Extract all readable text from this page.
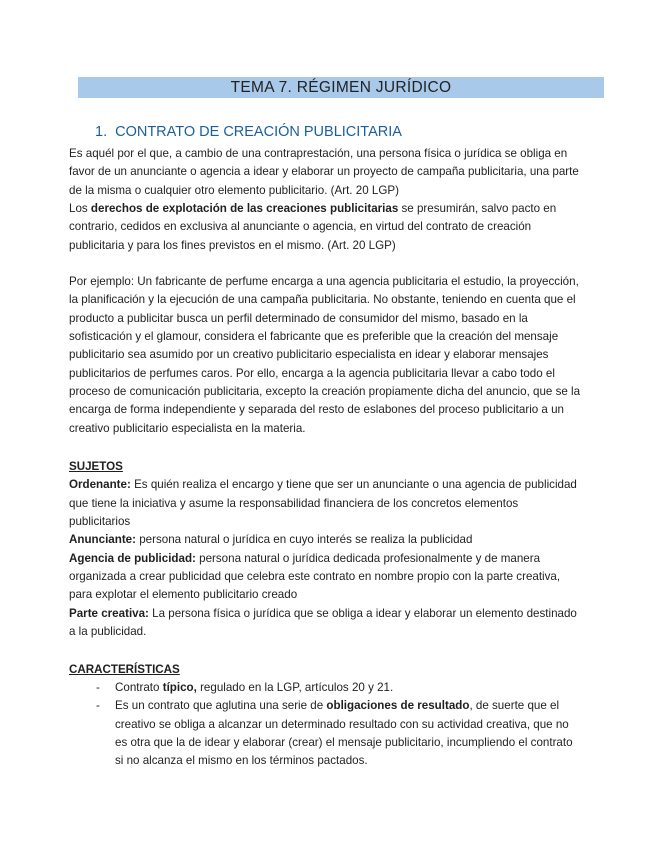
TEMA 7. RÉGIMEN JURÍDICO
1. CONTRATO DE CREACIÓN PUBLICITARIA

Es aquél por el que, a cambio de una contraprestación, una persona física o jurídica se obliga en favor de un anunciante o agencia a idear y elaborar un proyecto de campaña publicitaria, una parte de la misma o cualquier otro elemento publicitario. (Art. 20 LGP)

Los derechos de explotación de las creaciones publicitarias se presumirán, salvo pacto en contrario, cedidos en exclusiva al anunciante o agencia, en virtud del contrato de creación publicitaria y para los fines previstos en el mismo. (Art. 20 LGP)

Por ejemplo: Un fabricante de perfume encarga a una agencia publicitaria el estudio, la proyección, la planificación y la ejecución de una campaña publicitaria. No obstante, teniendo en cuenta que el producto a publicitar busca un perfil determinado de consumidor del mismo, basado en la sofisticación y el glamour, considera el fabricante que es preferible que la creación del mensaje publicitario sea asumido por un creativo publicitario especialista en idear y elaborar mensajes publicitarios de perfumes caros. Por ello, encarga a la agencia publicitaria llevar a cabo todo el proceso de comunicación publicitaria, excepto la creación propiamente dicha del anuncio, que se la encarga de forma independiente y separada del resto de eslabones del proceso publicitario a un creativo publicitario especialista en la materia.

SUJETOS

Ordenante: Es quién realiza el encargo y tiene que ser un anunciante o una agencia de publicidad que tiene la iniciativa y asume la responsabilidad financiera de los concretos elementos publicitarios

Anunciante: persona natural o jurídica en cuyo interés se realiza la publicidad

Agencia de publicidad: persona natural o jurídica dedicada profesionalmente y de manera organizada a crear publicidad que celebra este contrato en nombre propio con la parte creativa, para explotar el elemento publicitario creado

Parte creativa: La persona física o jurídica que se obliga a idear y elaborar un elemento destinado a la publicidad.

CARACTERÍSTICAS

- Contrato típico, regulado en la LGP, artículos 20 y 21.
- Es un contrato que aglutina una serie de obligaciones de resultado, de suerte que el creativo se obliga a alcanzar un determinado resultado con su actividad creativa, que no es otra que la de idear y elaborar (crear) el mensaje publicitario, incumpliendo el contrato si no alcanza el mismo en los términos pactados.
